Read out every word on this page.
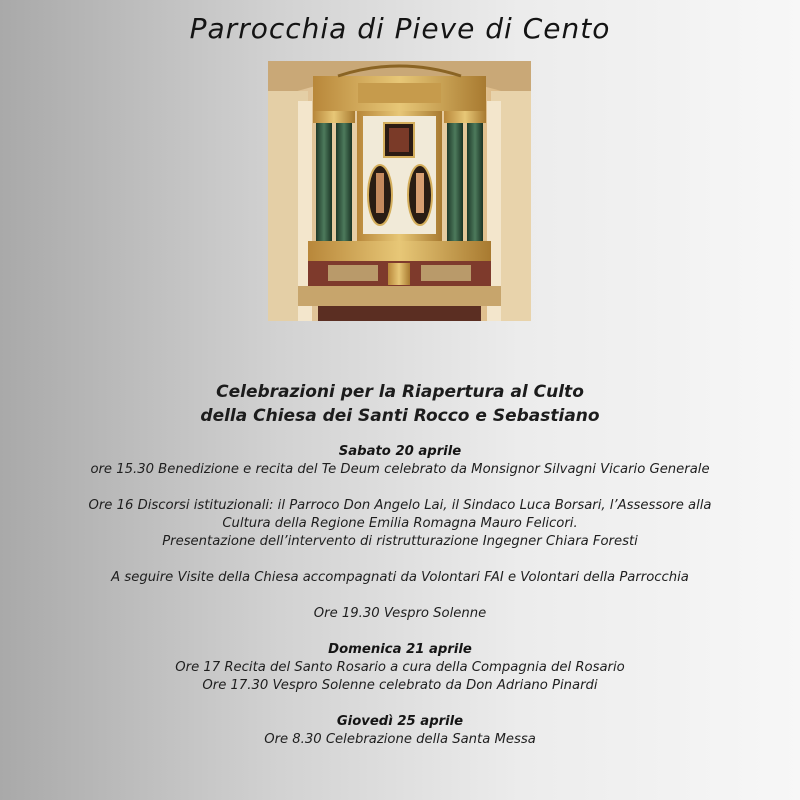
Parrocchia di Pieve di Cento
Celebrazioni per la Riapertura al Culto
della Chiesa dei Santi Rocco e Sebastiano
Sabato 20 aprile
ore 15.30 Benedizione e recita del Te Deum celebrato da Monsignor Silvagni Vicario Generale
Ore 16 Discorsi istituzionali: il Parroco Don Angelo Lai, il Sindaco Luca Borsari, l’Assessore alla
Cultura della Regione Emilia Romagna Mauro Felicori.
Presentazione dell’intervento di ristrutturazione Ingegner Chiara Foresti
A seguire Visite della Chiesa accompagnati da Volontari FAI e Volontari della Parrocchia
Ore 19.30 Vespro Solenne
Domenica 21 aprile
Ore 17 Recita del Santo Rosario a cura della Compagnia del Rosario
Ore 17.30 Vespro Solenne celebrato da Don Adriano Pinardi
Giovedì 25 aprile
Ore 8.30 Celebrazione della Santa Messa
